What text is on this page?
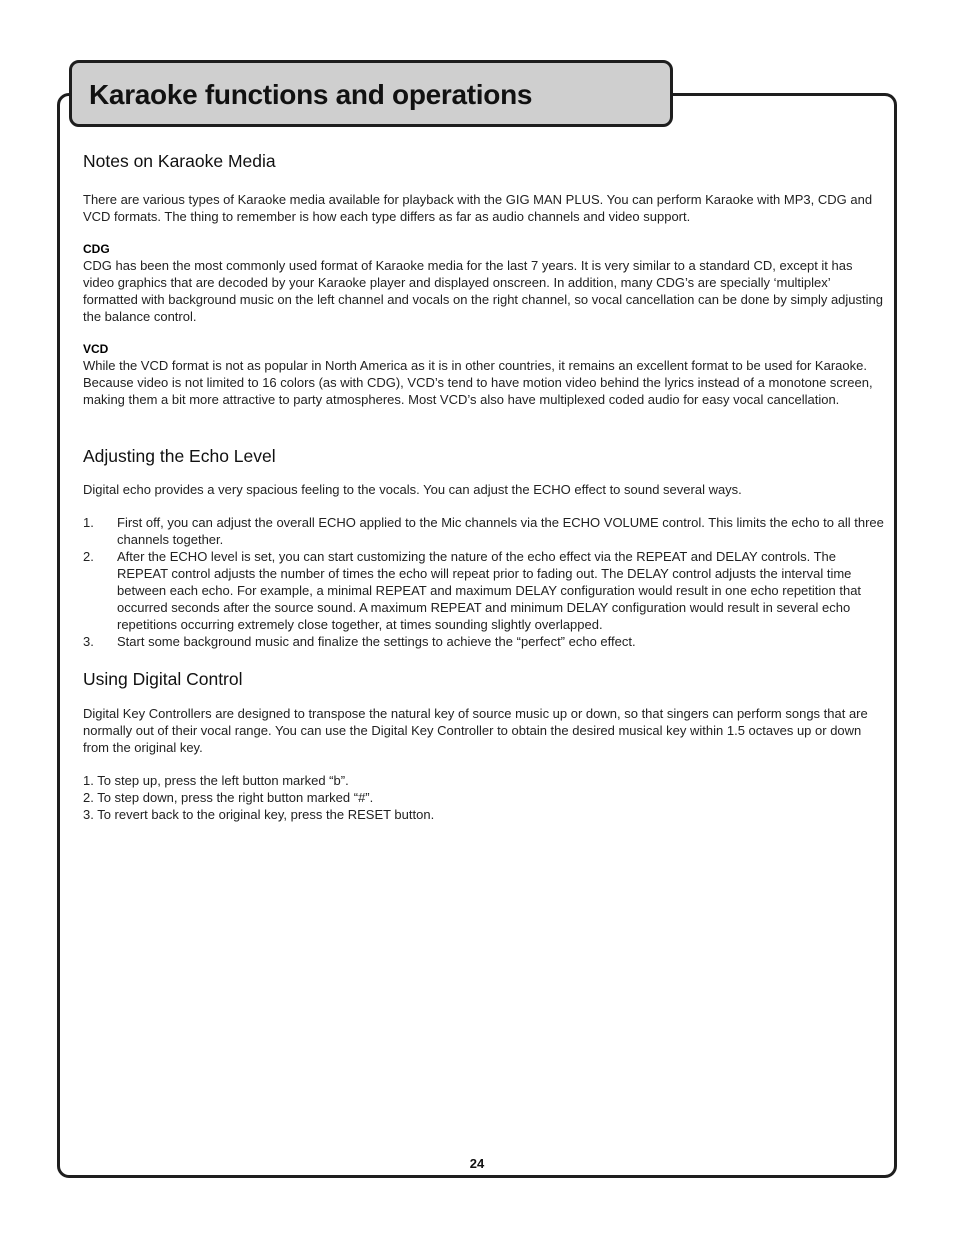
Karaoke functions and operations
Notes on Karaoke Media

There are various types of Karaoke media available for playback with the GIG MAN PLUS. You can perform Karaoke with MP3, CDG and VCD formats. The thing to remember is how each type differs as far as audio channels and video support.

CDG

CDG has been the most commonly used format of Karaoke media for the last 7 years. It is very similar to a standard CD, except it has video graphics that are decoded by your Karaoke player and displayed onscreen. In addition, many CDG’s are specially ‘multiplex’ formatted with background music on the left channel and vocals on the right channel, so vocal cancellation can be done by simply adjusting the balance control.

VCD

While the VCD format is not as popular in North America as it is in other countries, it remains an excellent format to be used for Karaoke. Because video is not limited to 16 colors (as with CDG), VCD’s tend to have motion video behind the lyrics instead of a monotone screen, making them a bit more attractive to party atmospheres. Most VCD’s also have multiplexed coded audio for easy vocal cancellation.

Adjusting the Echo Level

Digital echo provides a very spacious feeling to the vocals. You can adjust the ECHO effect to sound several ways.

1. First off, you can adjust the overall ECHO applied to the Mic channels via the ECHO VOLUME control. This limits the echo to all three channels together.
2. After the ECHO level is set, you can start customizing the nature of the echo effect via the REPEAT and DELAY controls. The REPEAT control adjusts the number of times the echo will repeat prior to fading out. The DELAY control adjusts the interval time between each echo. For example, a minimal REPEAT and maximum DELAY configuration would result in one echo repetition that occurred seconds after the source sound. A maximum REPEAT and minimum DELAY configuration would result in several echo repetitions occurring extremely close together, at times sounding slightly overlapped.
3. Start some background music and finalize the settings to achieve the “perfect” echo effect.
Using Digital Control

Digital Key Controllers are designed to transpose the natural key of source music up or down, so that singers can perform songs that are normally out of their vocal range. You can use the Digital Key Controller to obtain the desired musical key within 1.5 octaves up or down from the original key.

1. To step up, press the left button marked “b”.
2. To step down, press the right button marked “#”.
3. To revert back to the original key, press the RESET button.
24
